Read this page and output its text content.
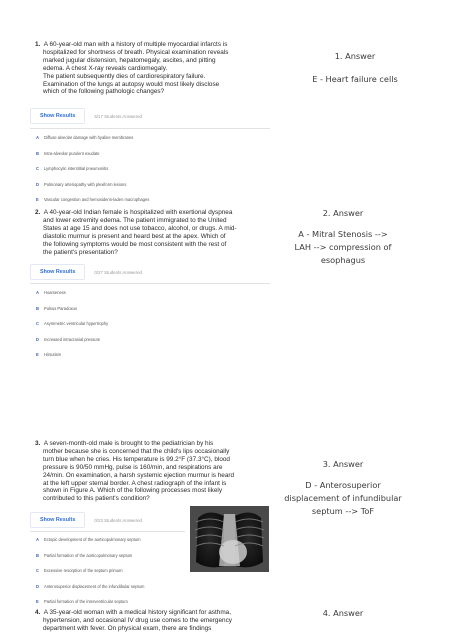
1. A 60-year-old man with a history of multiple myocardial infarcts is
hospitalized for shortness of breath. Physical examination reveals
marked jugular distension, hepatomegaly, ascites, and pitting
edema. A chest X-ray reveals cardiomegaly.
The patient subsequently dies of cardiorespiratory failure.
Examination of the lungs at autopsy would most likely disclose
which of the following pathologic changes?
Show Results	5/17 Students Answered
A	Diffuse alveolar damage with hyaline membranes
B	Intra-alveolar purulent exudate
C	Lymphocytic interstitial pneumonitis
D	Pulmonary arteriopathy with plexiform lesions
E	Vascular congestion and hemosiderin-laden macrophages
1. Answer
E - Heart failure cells
2. A 40-year-old Indian female is hospitalized with exertional dyspnea
and lower extremity edema. The patient immigrated to the United
States at age 15 and does not use tobacco, alcohol, or drugs. A mid-
diastolic murmur is present and heard best at the apex. Which of
the following symptoms would be most consistent with the rest of
the patient's presentation?
Show Results	0/27 Students Answered
A	Hoarseness
B	Pulsus Paradoxus
C	Asymmetric ventricular hypertrophy
D	Increased intracranial pressure
E	Hirsutism
2. Answer
A - Mitral Stenosis -->
LAH --> compression of
esophagus
3. A seven-month-old male is brought to the pediatrician by his
mother because she is concerned that the child's lips occasionally
turn blue when he cries. His temperature is 99.2°F (37.3°C), blood
pressure is 90/50 mmHg, pulse is 160/min, and respirations are
24/min. On examination, a harsh systemic ejection murmur is heard
at the left upper sternal border. A chest radiograph of the infant is
shown in Figure A. Which of the following processes most likely
contributed to this patient's condition?
Show Results	0/23 Students Answered
A	Ectopic development of the aorticopulmonary septum
B	Partial formation of the aorticopulmonary septum
C	Excessive resorption of the septum primum
D	Anterosuperior displacement of the infundibular septum
E	Partial formation of the interventricular septum
3. Answer
D - Anterosuperior
displacement of infundibular
septum --> ToF
4. A 35-year-old woman with a medical history significant for asthma,
hypertension, and occasional IV drug use comes to the emergency
department with fever. On physical exam, there are findings
4. Answer
